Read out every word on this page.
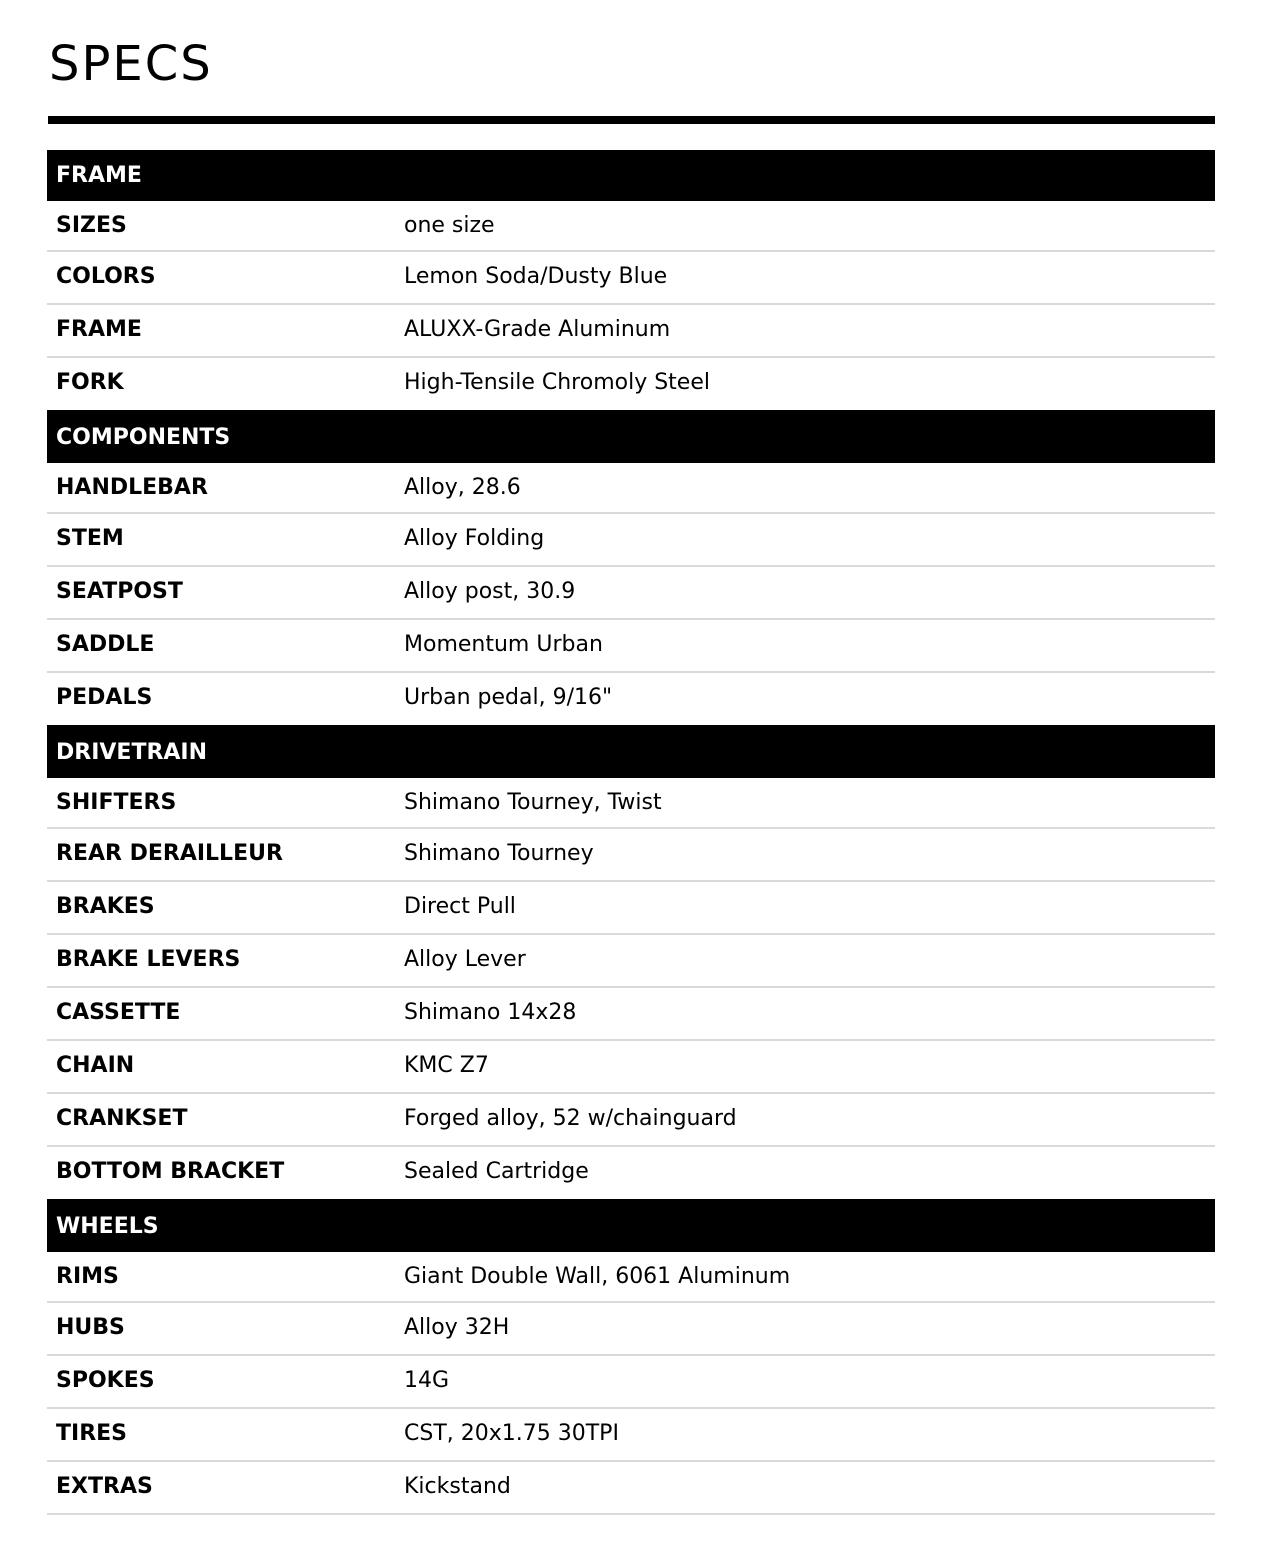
SPECS
FRAME
SIZES	one size
COLORS	Lemon Soda/Dusty Blue
FRAME	ALUXX-Grade Aluminum
FORK	High-Tensile Chromoly Steel
COMPONENTS
HANDLEBAR	Alloy, 28.6
STEM	Alloy Folding
SEATPOST	Alloy post, 30.9
SADDLE	Momentum Urban
PEDALS	Urban pedal, 9/16"
DRIVETRAIN
SHIFTERS	Shimano Tourney, Twist
REAR DERAILLEUR	Shimano Tourney
BRAKES	Direct Pull
BRAKE LEVERS	Alloy Lever
CASSETTE	Shimano 14x28
CHAIN	KMC Z7
CRANKSET	Forged alloy, 52 w/chainguard
BOTTOM BRACKET	Sealed Cartridge
WHEELS
RIMS	Giant Double Wall, 6061 Aluminum
HUBS	Alloy 32H
SPOKES	14G
TIRES	CST, 20x1.75 30TPI
EXTRAS	Kickstand
